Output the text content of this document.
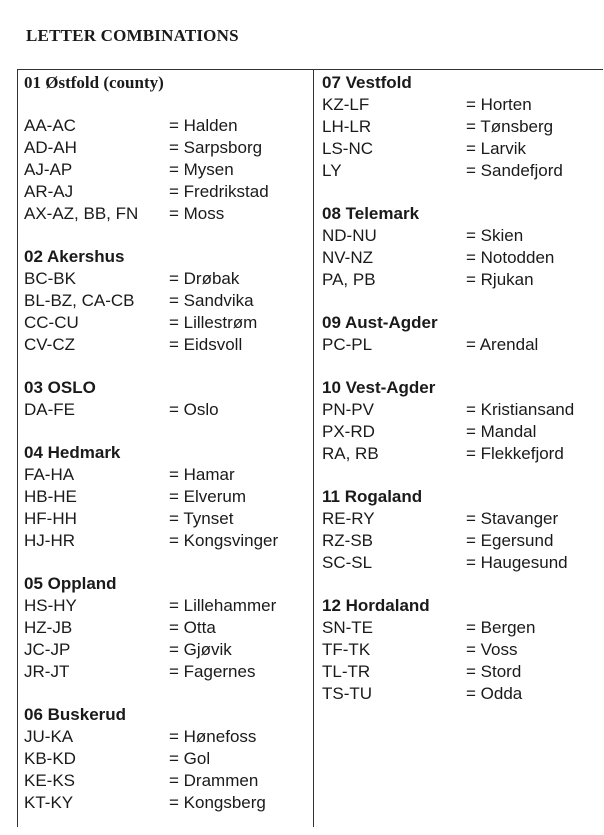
LETTER COMBINATIONS
01 Østfold (county)
AA-AC	= Halden
AD-AH	= Sarpsborg
AJ-AP	= Mysen
AR-AJ	= Fredrikstad
AX-AZ, BB, FN	= Moss
02 Akershus
BC-BK	= Drøbak
BL-BZ, CA-CB	= Sandvika
CC-CU	= Lillestrøm
CV-CZ	= Eidsvoll
03 OSLO
DA-FE	= Oslo
04 Hedmark
FA-HA	= Hamar
HB-HE	= Elverum
HF-HH	= Tynset
HJ-HR	= Kongsvinger
05 Oppland
HS-HY	= Lillehammer
HZ-JB	= Otta
JC-JP	= Gjøvik
JR-JT	= Fagernes
06 Buskerud
JU-KA	= Hønefoss
KB-KD	= Gol
KE-KS	= Drammen
KT-KY	= Kongsberg
07 Vestfold
KZ-LF	= Horten
LH-LR	= Tønsberg
LS-NC	= Larvik
LY	= Sandefjord
08 Telemark
ND-NU	= Skien
NV-NZ	= Notodden
PA, PB	= Rjukan
09 Aust-Agder
PC-PL	= Arendal
10 Vest-Agder
PN-PV	= Kristiansand
PX-RD	= Mandal
RA, RB	= Flekkefjord
11 Rogaland
RE-RY	= Stavanger
RZ-SB	= Egersund
SC-SL	= Haugesund
12 Hordaland
SN-TE	= Bergen
TF-TK	= Voss
TL-TR	= Stord
TS-TU	= Odda
